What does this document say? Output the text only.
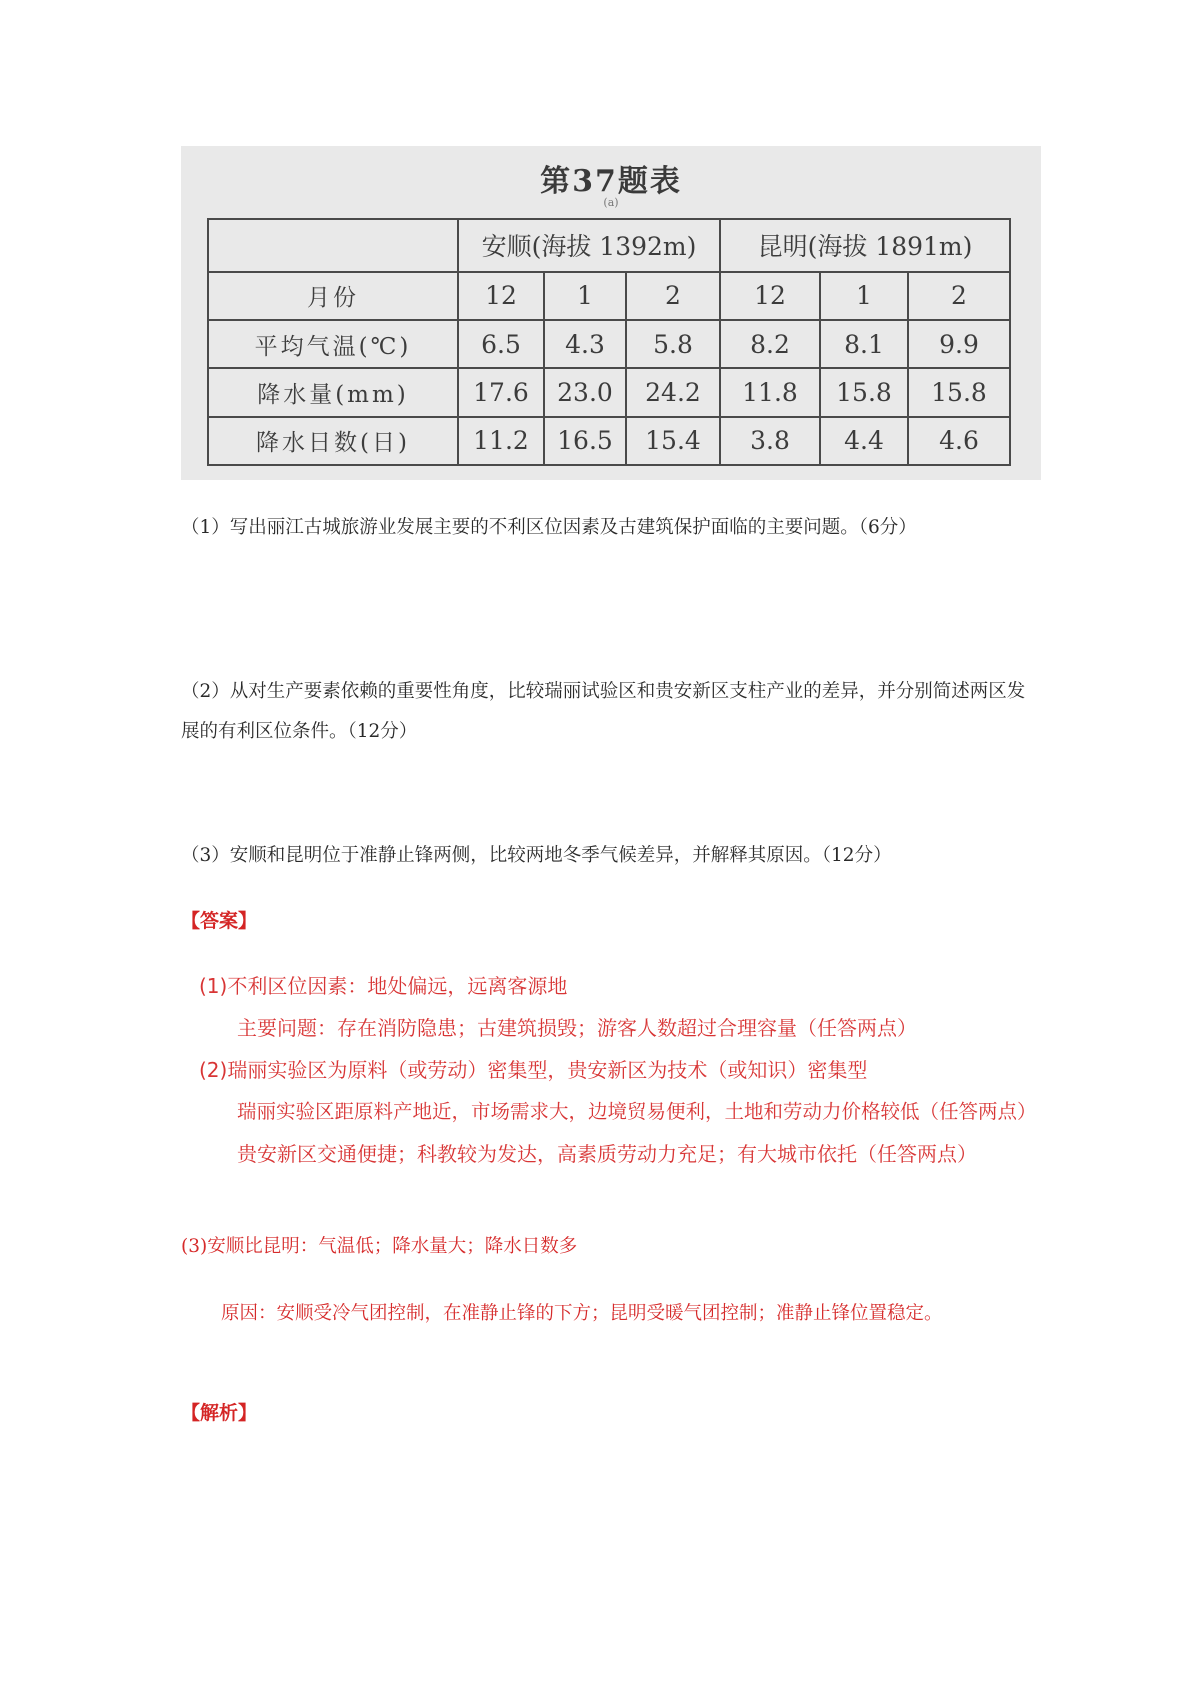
第37题表
(a)
	安顺(海拔 1392m)			昆明(海拔 1891m)		
月份	12	1	2	12	1	2
平均气温(℃)	6.5	4.3	5.8	8.2	8.1	9.9
降水量(mm)	17.6	23.0	24.2	11.8	15.8	15.8
降水日数(日)	11.2	16.5	15.4	3.8	4.4	4.6

（1）写出丽江古城旅游业发展主要的不利区位因素及古建筑保护面临的主要问题。（6分）

（2）从对生产要素依赖的重要性角度，比较瑞丽试验区和贵安新区支柱产业的差异，并分别简述两区发展的有利区位条件。（12分）

（3）安顺和昆明位于准静止锋两侧，比较两地冬季气候差异，并解释其原因。（12分）

【答案】
(1)不利区位因素：地处偏远，远离客源地
主要问题：存在消防隐患；古建筑损毁；游客人数超过合理容量（任答两点）
(2)瑞丽实验区为原料（或劳动）密集型，贵安新区为技术（或知识）密集型
瑞丽实验区距原料产地近，市场需求大，边境贸易便利，土地和劳动力价格较低（任答两点）
贵安新区交通便捷；科教较为发达，高素质劳动力充足；有大城市依托（任答两点）
(3)安顺比昆明：气温低；降水量大；降水日数多

原因：安顺受冷气团控制，在准静止锋的下方；昆明受暖气团控制；准静止锋位置稳定。

【解析】
